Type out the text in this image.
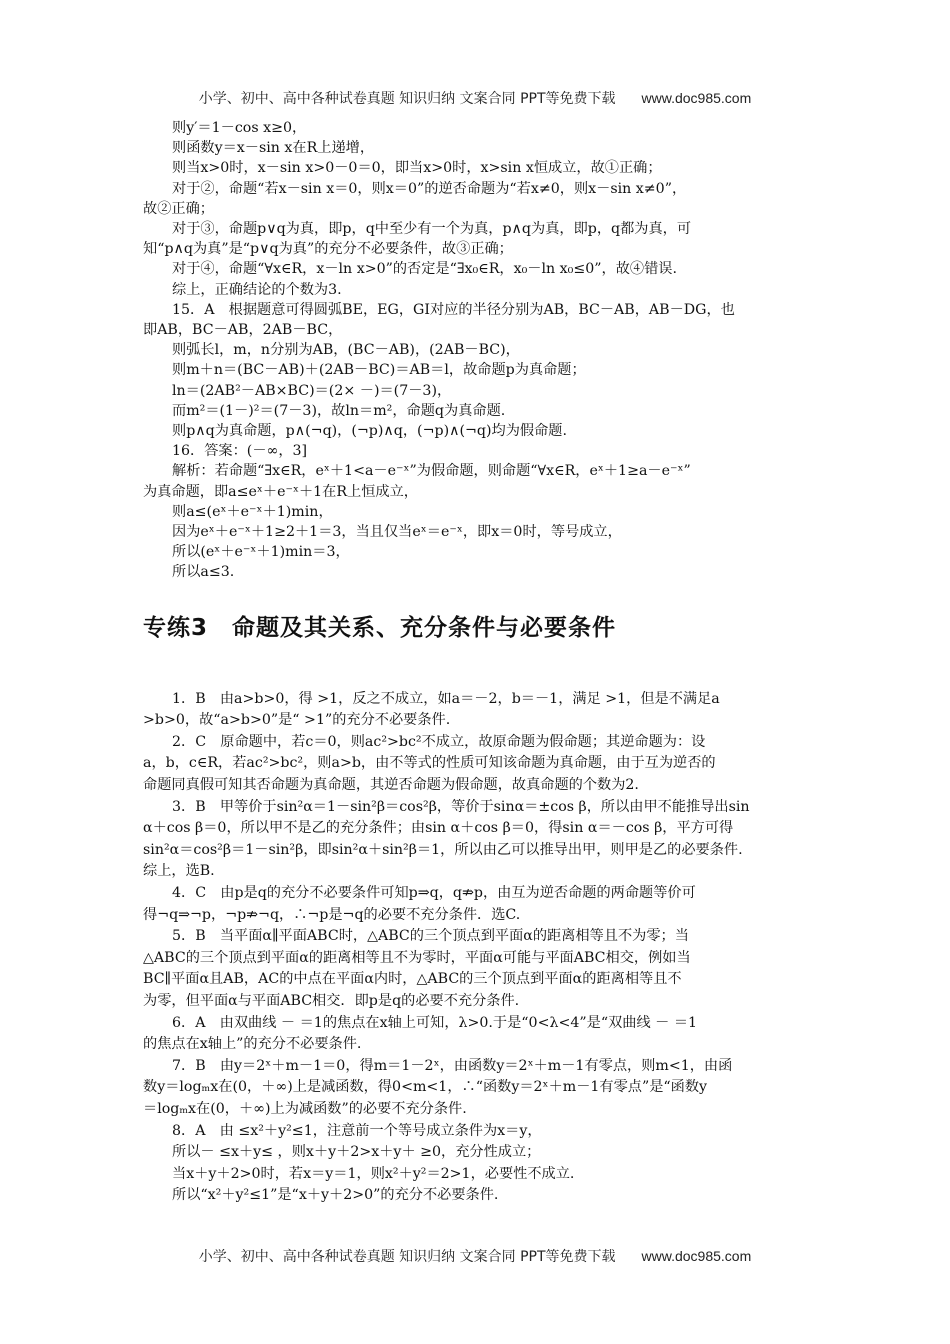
小学、初中、高中各种试卷真题 知识归纳 文案合同 PPT等免费下载 www.doc985.com
则y′＝1－cos x≥0，
则函数y＝x－sin x在R上递增，
则当x>0时，x－sin x>0－0＝0，即当x>0时，x>sin x恒成立，故①正确；
对于②，命题“若x－sin x＝0，则x＝0”的逆否命题为“若x≠0，则x－sin x≠0”，
故②正确；
对于③，命题p∨q为真，即p，q中至少有一个为真，p∧q为真，即p，q都为真，可
知“p∧q为真”是“p∨q为真”的充分不必要条件，故③正确；
对于④，命题“∀x∈R，x－ln x>0”的否定是“∃x₀∈R，x₀－ln x₀≤0”，故④错误.
综上，正确结论的个数为3.
15．A　根据题意可得圆弧BE，EG，GI对应的半径分别为AB，BC－AB，AB－DG，也
即AB，BC－AB，2AB－BC，
则弧长l，m，n分别为AB，(BC－AB)，(2AB－BC)，
则m＋n＝(BC－AB)＋(2AB－BC)＝AB＝l，故命题p为真命题；
ln＝(2AB²－AB×BC)＝(2× －)＝(7－3)，
而m²＝(1－)²＝(7－3)，故ln＝m²，命题q为真命题.
则p∧q为真命题，p∧(¬q)，(¬p)∧q，(¬p)∧(¬q)均为假命题.
16．答案：(－∞，3]
解析：若命题“∃x∈R，eˣ＋1<a－e⁻ˣ”为假命题，则命题“∀x∈R，eˣ＋1≥a－e⁻ˣ”
为真命题，即a≤eˣ＋e⁻ˣ＋1在R上恒成立，
则a≤(eˣ＋e⁻ˣ＋1)min，
因为eˣ＋e⁻ˣ＋1≥2＋1＝3，当且仅当eˣ＝e⁻ˣ，即x＝0时，等号成立，
所以(eˣ＋e⁻ˣ＋1)min＝3，
所以a≤3.
专练3　命题及其关系、充分条件与必要条件
1．B　由a>b>0，得 >1，反之不成立，如a＝－2，b＝－1，满足 >1，但是不满足a
>b>0，故“a>b>0”是“ >1”的充分不必要条件.
2．C　原命题中，若c＝0，则ac²>bc²不成立，故原命题为假命题；其逆命题为：设
a，b，c∈R，若ac²>bc²，则a>b，由不等式的性质可知该命题为真命题，由于互为逆否的
命题同真假可知其否命题为真命题，其逆否命题为假命题，故真命题的个数为2.
3．B　甲等价于sin²α＝1－sin²β＝cos²β，等价于sinα＝±cos β，所以由甲不能推导出sin
α＋cos β＝0，所以甲不是乙的充分条件；由sin α＋cos β＝0，得sin α＝－cos β，平方可得
sin²α＝cos²β＝1－sin²β，即sin²α＋sin²β＝1，所以由乙可以推导出甲，则甲是乙的必要条件.
综上，选B.
4．C　由p是q的充分不必要条件可知p⇒q，q⇏p，由互为逆否命题的两命题等价可
得¬q⇒¬p，¬p⇏¬q，∴¬p是¬q的必要不充分条件．选C.
5．B　当平面α∥平面ABC时，△ABC的三个顶点到平面α的距离相等且不为零；当
△ABC的三个顶点到平面α的距离相等且不为零时，平面α可能与平面ABC相交，例如当
BC∥平面α且AB，AC的中点在平面α内时，△ABC的三个顶点到平面α的距离相等且不
为零，但平面α与平面ABC相交．即p是q的必要不充分条件.
6．A　由双曲线 － ＝1的焦点在x轴上可知，λ>0.于是“0<λ<4”是“双曲线 － ＝1
的焦点在x轴上”的充分不必要条件.
7．B　由y＝2ˣ＋m－1＝0，得m＝1－2ˣ，由函数y＝2ˣ＋m－1有零点，则m<1，由函
数y＝logₘx在(0，＋∞)上是减函数，得0<m<1，∴“函数y＝2ˣ＋m－1有零点”是“函数y
＝logₘx在(0，＋∞)上为减函数”的必要不充分条件.
8．A　由 ≤x²＋y²≤1，注意前一个等号成立条件为x＝y，
所以－ ≤x＋y≤ ，则x＋y＋2>x＋y＋ ≥0，充分性成立；
当x＋y＋2>0时，若x＝y＝1，则x²＋y²＝2>1，必要性不成立.
所以“x²＋y²≤1”是“x＋y＋2>0”的充分不必要条件.
小学、初中、高中各种试卷真题 知识归纳 文案合同 PPT等免费下载 www.doc985.com
